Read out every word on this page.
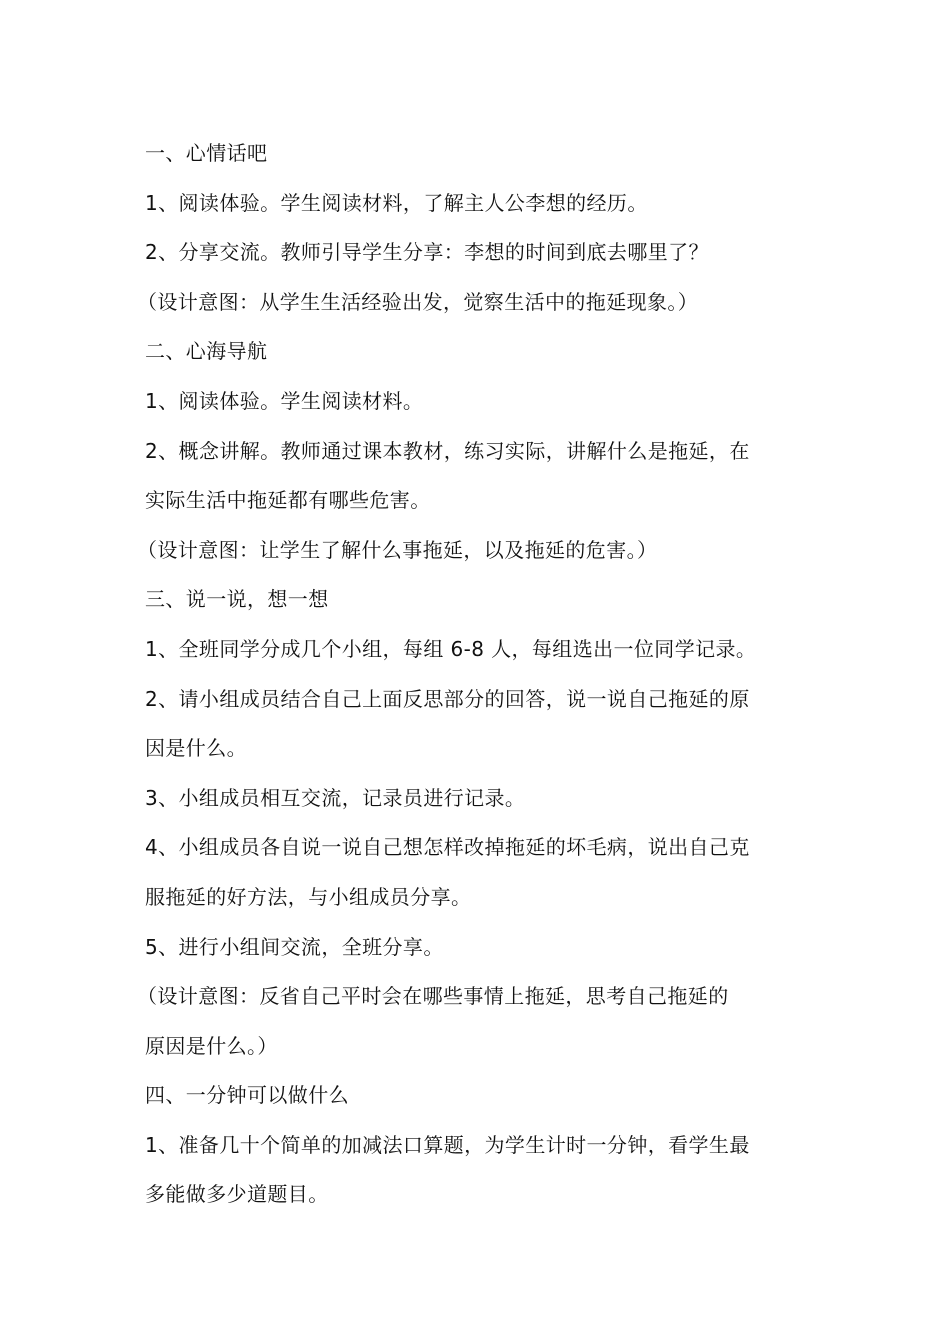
一、心情话吧
1、阅读体验。学生阅读材料，了解主人公李想的经历。
2、分享交流。教师引导学生分享：李想的时间到底去哪里了？
（设计意图：从学生生活经验出发，觉察生活中的拖延现象。）
二、心海导航
1、阅读体验。学生阅读材料。
2、概念讲解。教师通过课本教材，练习实际，讲解什么是拖延，在
实际生活中拖延都有哪些危害。
（设计意图：让学生了解什么事拖延，以及拖延的危害。）
三、说一说，想一想
1、全班同学分成几个小组，每组 6-8 人，每组选出一位同学记录。
2、请小组成员结合自己上面反思部分的回答，说一说自己拖延的原
因是什么。
3、小组成员相互交流，记录员进行记录。
4、小组成员各自说一说自己想怎样改掉拖延的坏毛病，说出自己克
服拖延的好方法，与小组成员分享。
5、进行小组间交流，全班分享。
（设计意图：反省自己平时会在哪些事情上拖延，思考自己拖延的
原因是什么。）
四、一分钟可以做什么
1、准备几十个简单的加减法口算题，为学生计时一分钟，看学生最
多能做多少道题目。
